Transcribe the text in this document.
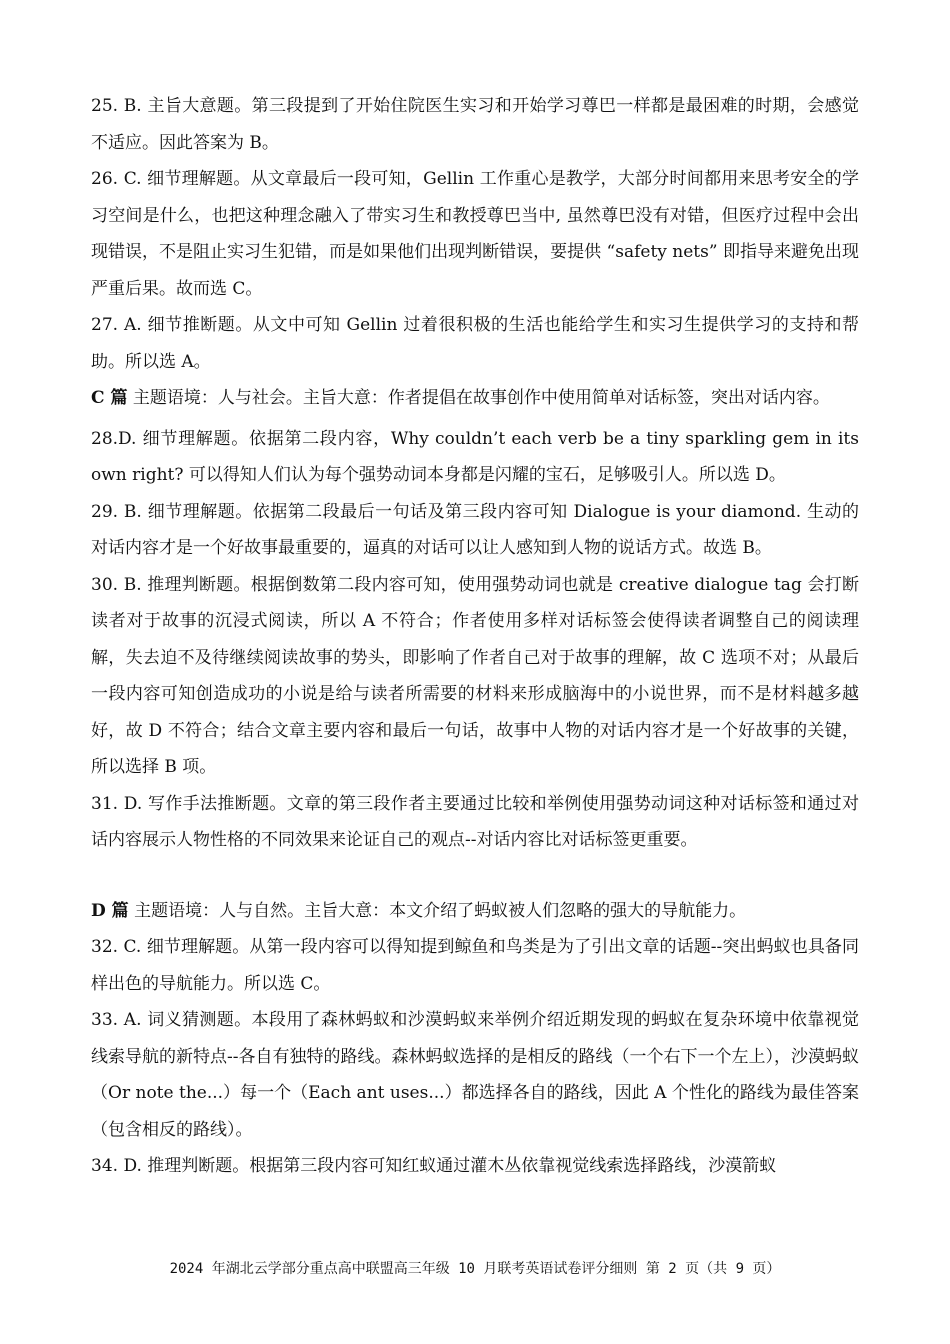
25. B. 主旨大意题。第三段提到了开始住院医生实习和开始学习尊巴一样都是最困难的时期，会感觉不适应。因此答案为 B。

26. C. 细节理解题。从文章最后一段可知，Gellin 工作重心是教学，大部分时间都用来思考安全的学习空间是什么，也把这种理念融入了带实习生和教授尊巴当中, 虽然尊巴没有对错，但医疗过程中会出现错误，不是阻止实习生犯错，而是如果他们出现判断错误，要提供 “safety nets” 即指导来避免出现严重后果。故而选 C。

27. A. 细节推断题。从文中可知 Gellin 过着很积极的生活也能给学生和实习生提供学习的支持和帮助。所以选 A。

C 篇 主题语境：人与社会。主旨大意：作者提倡在故事创作中使用简单对话标签，突出对话内容。

28.D. 细节理解题。依据第二段内容，Why couldn’t each verb be a tiny sparkling gem in its own right? 可以得知人们认为每个强势动词本身都是闪耀的宝石，足够吸引人。所以选 D。

29. B. 细节理解题。依据第二段最后一句话及第三段内容可知 Dialogue is your diamond. 生动的对话内容才是一个好故事最重要的，逼真的对话可以让人感知到人物的说话方式。故选 B。

30. B. 推理判断题。根据倒数第二段内容可知，使用强势动词也就是 creative dialogue tag 会打断读者对于故事的沉浸式阅读，所以 A 不符合；作者使用多样对话标签会使得读者调整自己的阅读理解，失去迫不及待继续阅读故事的势头，即影响了作者自己对于故事的理解，故 C 选项不对；从最后一段内容可知创造成功的小说是给与读者所需要的材料来形成脑海中的小说世界，而不是材料越多越好，故 D 不符合；结合文章主要内容和最后一句话，故事中人物的对话内容才是一个好故事的关键，所以选择 B 项。

31. D. 写作手法推断题。文章的第三段作者主要通过比较和举例使用强势动词这种对话标签和通过对话内容展示人物性格的不同效果来论证自己的观点--对话内容比对话标签更重要。

D 篇 主题语境：人与自然。主旨大意：本文介绍了蚂蚁被人们忽略的强大的导航能力。

32. C. 细节理解题。从第一段内容可以得知提到鲸鱼和鸟类是为了引出文章的话题--突出蚂蚁也具备同样出色的导航能力。所以选 C。

33. A. 词义猜测题。本段用了森林蚂蚁和沙漠蚂蚁来举例介绍近期发现的蚂蚁在复杂环境中依靠视觉线索导航的新特点--各自有独特的路线。森林蚂蚁选择的是相反的路线（一个右下一个左上），沙漠蚂蚁（Or note the...）每一个（Each ant uses...）都选择各自的路线，因此 A 个性化的路线为最佳答案（包含相反的路线）。

34. D. 推理判断题。根据第三段内容可知红蚁通过灌木丛依靠视觉线索选择路线，沙漠箭蚁

2024 年湖北云学部分重点高中联盟高三年级 10 月联考英语试卷评分细则 第 2 页（共 9 页）
